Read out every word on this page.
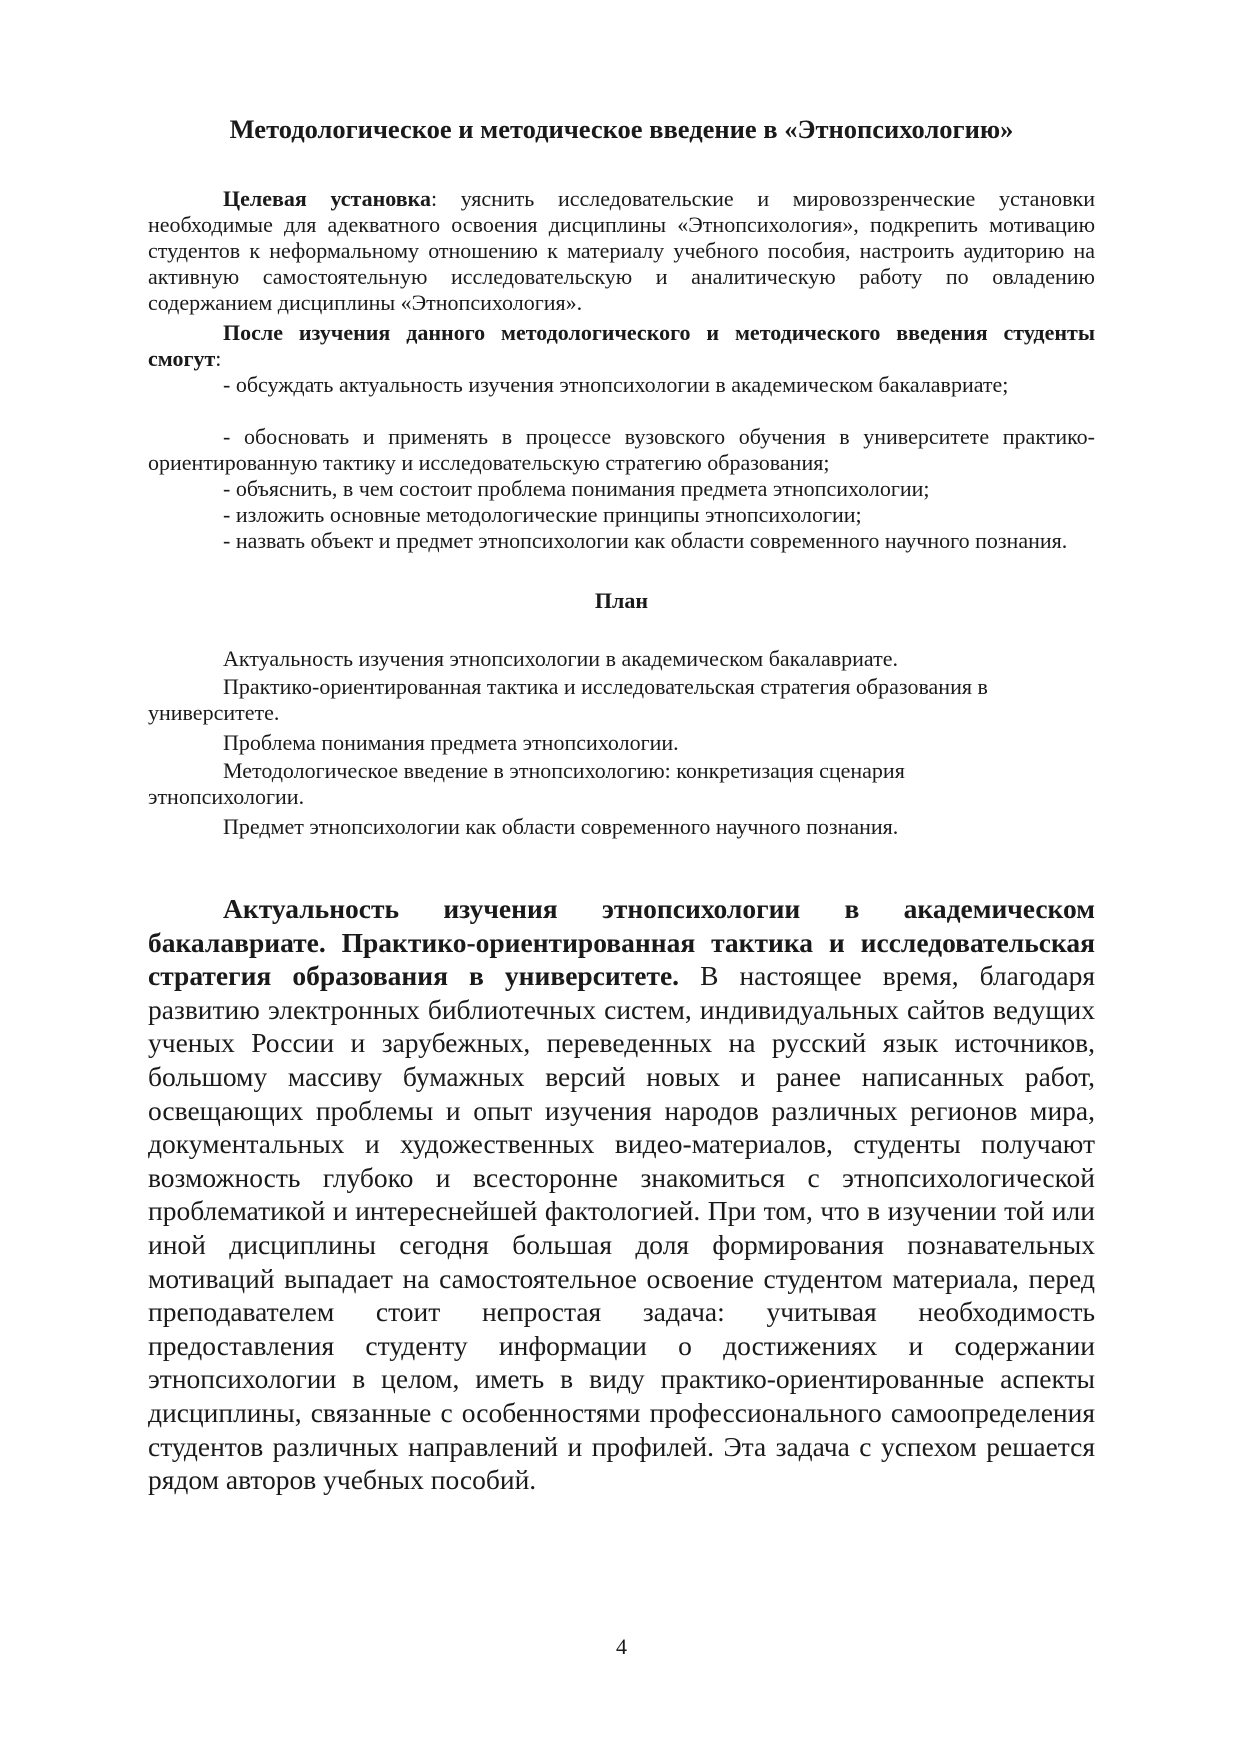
Методологическое и методическое введение в «Этнопсихологию»

Целевая установка: уяснить исследовательские и мировоззренческие установки необходимые для адекватного освоения дисциплины «Этнопсихология», подкрепить мотивацию студентов к неформальному отношению к материалу учебного пособия, настроить аудиторию на активную самостоятельную исследовательскую и аналитическую работу по овладению содержанием дисциплины «Этнопсихология».

После изучения данного методологического и методического введения студенты смогут:

- обсуждать актуальность изучения этнопсихологии в академическом бакалавриате;

- обосновать и применять в процессе вузовского обучения в университете практико-ориентированную тактику и исследовательскую стратегию образования;

- объяснить, в чем состоит проблема понимания предмета этнопсихологии;

- изложить основные методологические принципы этнопсихологии;

- назвать объект и предмет этнопсихологии как области современного научного познания.

План

Актуальность изучения этнопсихологии в академическом бакалавриате.

Практико-ориентированная тактика и исследовательская стратегия образования в университете.

Проблема понимания предмета этнопсихологии.

Методологическое введение в этнопсихологию: конкретизация сценария этнопсихологии.

Предмет этнопсихологии как области современного научного познания.

Актуальность изучения этнопсихологии в академическом бакалавриате. Практико-ориентированная тактика и исследовательская стратегия образования в университете. В настоящее время, благодаря развитию электронных библиотечных систем, индивидуальных сайтов ведущих ученых России и зарубежных, переведенных на русский язык источников, большому массиву бумажных версий новых и ранее написанных работ, освещающих проблемы и опыт изучения народов различных регионов мира, документальных и художественных видео-материалов, студенты получают возможность глубоко и всесторонне знакомиться с этнопсихологической проблематикой и интереснейшей фактологией. При том, что в изучении той или иной дисциплины сегодня большая доля формирования познавательных мотиваций выпадает на самостоятельное освоение студентом материала, перед преподавателем стоит непростая задача: учитывая необходимость предоставления студенту информации о достижениях и содержании этнопсихологии в целом, иметь в виду практико-ориентированные аспекты дисциплины, связанные с особенностями профессионального самоопределения студентов различных направлений и профилей. Эта задача с успехом решается рядом авторов учебных пособий.

4
